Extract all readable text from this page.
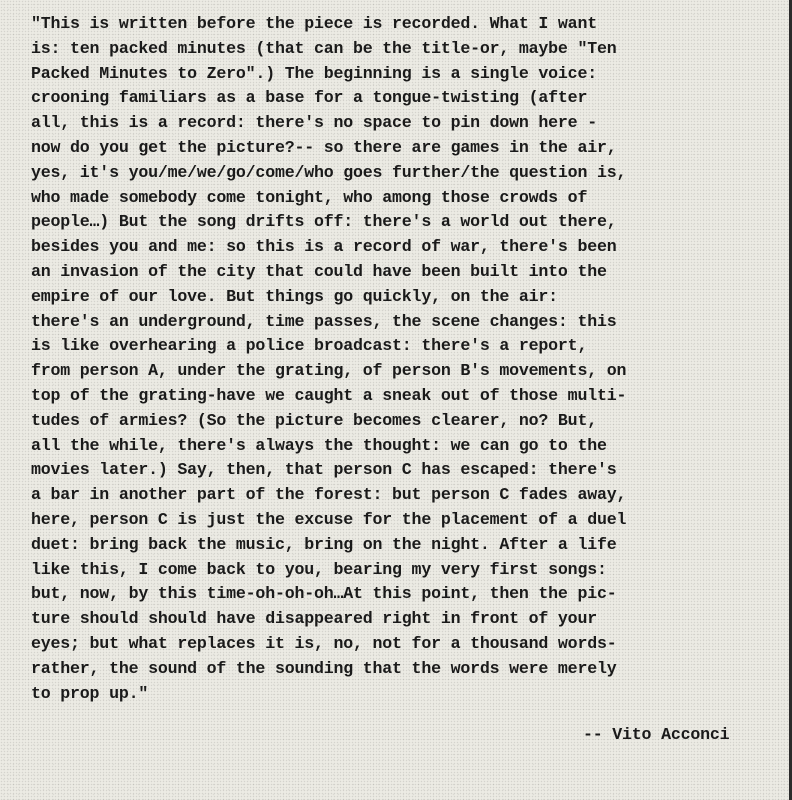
"This is written before the piece is recorded. What I want
is: ten packed minutes (that can be the title-or, maybe "Ten
Packed Minutes to Zero".) The beginning is a single voice:
crooning familiars as a base for a tongue-twisting (after
all, this is a record: there's no space to pin down here -
now do you get the picture?-- so there are games in the air,
yes, it's you/me/we/go/come/who goes further/the question is,
who made somebody come tonight, who among those crowds of
people…) But the song drifts off: there's a world out there,
besides you and me: so this is a record of war, there's been
an invasion of the city that could have been built into the
empire of our love. But things go quickly, on the air:
there's an underground, time passes, the scene changes: this
is like overhearing a police broadcast: there's a report,
from person A, under the grating, of person B's movements, on
top of the grating-have we caught a sneak out of those multi-
tudes of armies? (So the picture becomes clearer, no? But,
all the while, there's always the thought: we can go to the
movies later.) Say, then, that person C has escaped: there's
a bar in another part of the forest: but person C fades away,
here, person C is just the excuse for the placement of a duel
duet: bring back the music, bring on the night. After a life
like this, I come back to you, bearing my very first songs:
but, now, by this time-oh-oh-oh…At this point, then the pic-
ture should should have disappeared right in front of your
eyes; but what replaces it is, no, not for a thousand words-
rather, the sound of the sounding that the words were merely
to prop up."
-- Vito Acconci
